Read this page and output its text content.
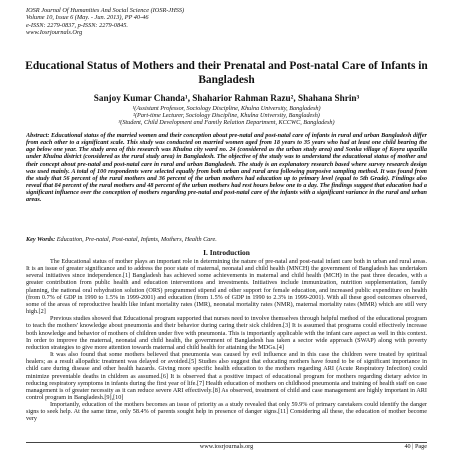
IOSR Journal Of Humanities And Social Science (IOSR-JHSS)
Volume 10, Issue 6 (May. - Jun. 2013), PP 40-46
e-ISSN: 2279-0837, p-ISSN: 2279-0845.
www.Iosrjournals.Org
Educational Status of Mothers and their Prenatal and Post-natal Care of Infants in Bangladesh
Sanjoy Kumar Chanda¹, Shaharior Rahman Razu², Shahana Shrin³
¹(Assistant Professor, Sociology Discipline, Khulna University, Bangladesh)
²(Part-time Lecturer, Sociology Discipline, Khulna University, Bangladesh)
³(Student, Child Development and Family Relation Department, KCCWC, Bangladesh)
Abstract: Educational status of the married women and their conception about pre-natal and post-natal care of infants in rural and urban Bangladesh differ from each other to a significant scale. This study was conducted on married women aged from 18 years to 35 years who had at least one child bearing the age below one year. The study area of this research was Khulna city ward no. 24 (considered as the urban study area) and Sonka village of Koyra upazilla under Khulna district (considered as the rural study area) in Bangladesh. The objective of the study was to understand the educational status of mother and their concept about pre-natal and post-natal care in rural and urban Bangladesh. The study is an explanatory research based where survey research design was used mainly. A total of 100 respondents were selected equally from both urban and rural area following purposive sampling method. It was found from the study that 56 percent of the rural mothers and 36 percent of the urban mothers had education up to primary level (equal to 5th Grade). Findings also reveal that 84 percent of the rural mothers and 48 percent of the urban mothers had rest hours below one to a day. The findings suggest that education had a significant influence over the conception of mothers regarding pre-natal and post-natal care of the infants with a significant variance in the rural and urban areas.
Key Words: Education, Pre-natal, Post-natal, Infants, Mothers, Health Care.
I. Introduction

The Educational status of mother plays an important role in determining the nature of pre-natal and post-natal infant care both in urban and rural areas. It is an issue of greater significance and to address the poor state of maternal, neonatal and child health (MNCH) the government of Bangladesh has undertaken several initiatives since independence.[1] Bangladesh has achieved some achievements in maternal and child health (MCH) in the past three decades, with a greater contribution from public health and education interventions and investments. Initiatives include immunization, nutrition supplementation, family planning, the national oral rehydration solution (ORS) programmed stipend and other support for female education, and increased public expenditure on health (from 0.7% of GDP in 1990 to 1.5% in 1999-2001) and education (from 1.5% of GDP in 1990 to 2.3% in 1999-2001). With all these good outcomes observed, some of the areas of reproductive health like infant mortality rates (IMR), neonatal mortality rates (NMR), maternal mortality rates (MMR) which are still very high.[2]

Previous studies showed that Educational program supported that nurses need to involve themselves through helpful method of the educational program to teach the mothers' knowledge about pneumonia and their behavior during caring their sick children.[3] It is assumed that programs could effectively increase both knowledge and behavior of mothers of children under five with pneumonia. This is importantly applicable with the infant care aspect as well in this context. In order to improve the maternal, neonatal and child health, the government of Bangladesh has taken a sector wide approach (SWAP) along with poverty reduction strategies to give more attention towards maternal and child health for attaining the MDGs.[4]

It was also found that some mothers believed that pneumonia was caused by evil influence and in this case the children were treated by spiritual healers; as a result allopathic treatment was delayed or avoided.[5] Studies also suggest that educating mothers have found to be of significant importance in child care during disease and other health hazards. Giving more specific health education to the mothers regarding ARI (Acute Respiratory Infection) could minimize preventable deaths in children as assumed.[6] It is observed that a positive impact of educational program for mothers regarding dietary advice in reducing respiratory symptoms in infants during the first year of life.[7] Health education of mothers on childhood pneumonia and training of health staff on case management is of greater necessity as it can reduce severe ARI effectively.[8] As observed, treatment of child and case management are highly important in ARI control program in Bangladesh.[9],[10]

Importantly, education of the mothers becomes an issue of priority as a study revealed that only 59.9% of primary caretakers could identify the danger signs to seek help. At the same time, only 58.4% of parents sought help in presence of danger signs.[11] Considering all these, the education of mother become very

www.iosrjournals.org	40 | Page
